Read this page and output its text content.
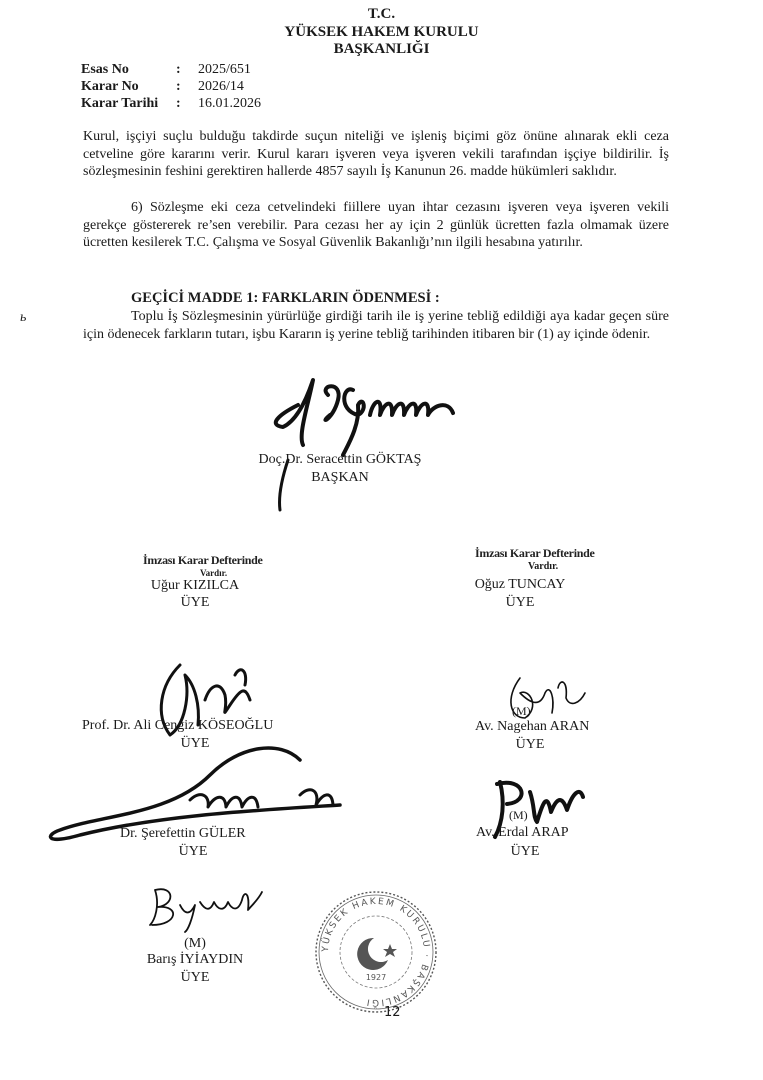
T.C.
YÜKSEK HAKEM KURULU
BAŞKANLIĞI
Esas No	: 2025/651
Karar No	: 2026/14
Karar Tarihi	: 16.01.2026
Kurul, işçiyi suçlu bulduğu takdirde suçun niteliği ve işleniş biçimi göz önüne alınarak ekli ceza cetveline göre kararını verir. Kurul kararı işveren veya işveren vekili tarafından işçiye bildirilir. İş sözleşmesinin feshini gerektiren hallerde 4857 sayılı İş Kanunun 26. madde hükümleri saklıdır.
6) Sözleşme eki ceza cetvelindeki fiillere uyan ihtar cezasını işveren veya işveren vekili gerekçe göstererek re’sen verebilir. Para cezası her ay için 2 günlük ücretten fazla olmamak üzere ücretten kesilerek T.C. Çalışma ve Sosyal Güvenlik Bakanlığı’nın ilgili hesabına yatırılır.
GEÇİCİ MADDE 1: FARKLARIN ÖDENMESİ :
Toplu İş Sözleşmesinin yürürlüğe girdiği tarih ile iş yerine tebliğ edildiği aya kadar geçen süre için ödenecek farkların tutarı, işbu Kararın iş yerine tebliğ tarihinden itibaren bir (1) ay içinde ödenir.
ь
Doç.Dr. Seracettin GÖKTAŞ
BAŞKAN
İmzası Karar Defterinde
Vardır.
Uğur KIZILCA
ÜYE
İmzası Karar Defterinde
Vardır.
Oğuz TUNCAY
ÜYE
Prof. Dr. Ali Cengiz KÖSEOĞLU
ÜYE
(M)
Av. Nagehan ARAN
ÜYE
Dr. Şerefettin GÜLER
ÜYE
(M)
Av. Erdal ARAP
ÜYE
(M)
Barış İYİAYDIN
ÜYE
YÜKSEK HAKEM KURULU · BAŞKANLIĞI
1927
12
